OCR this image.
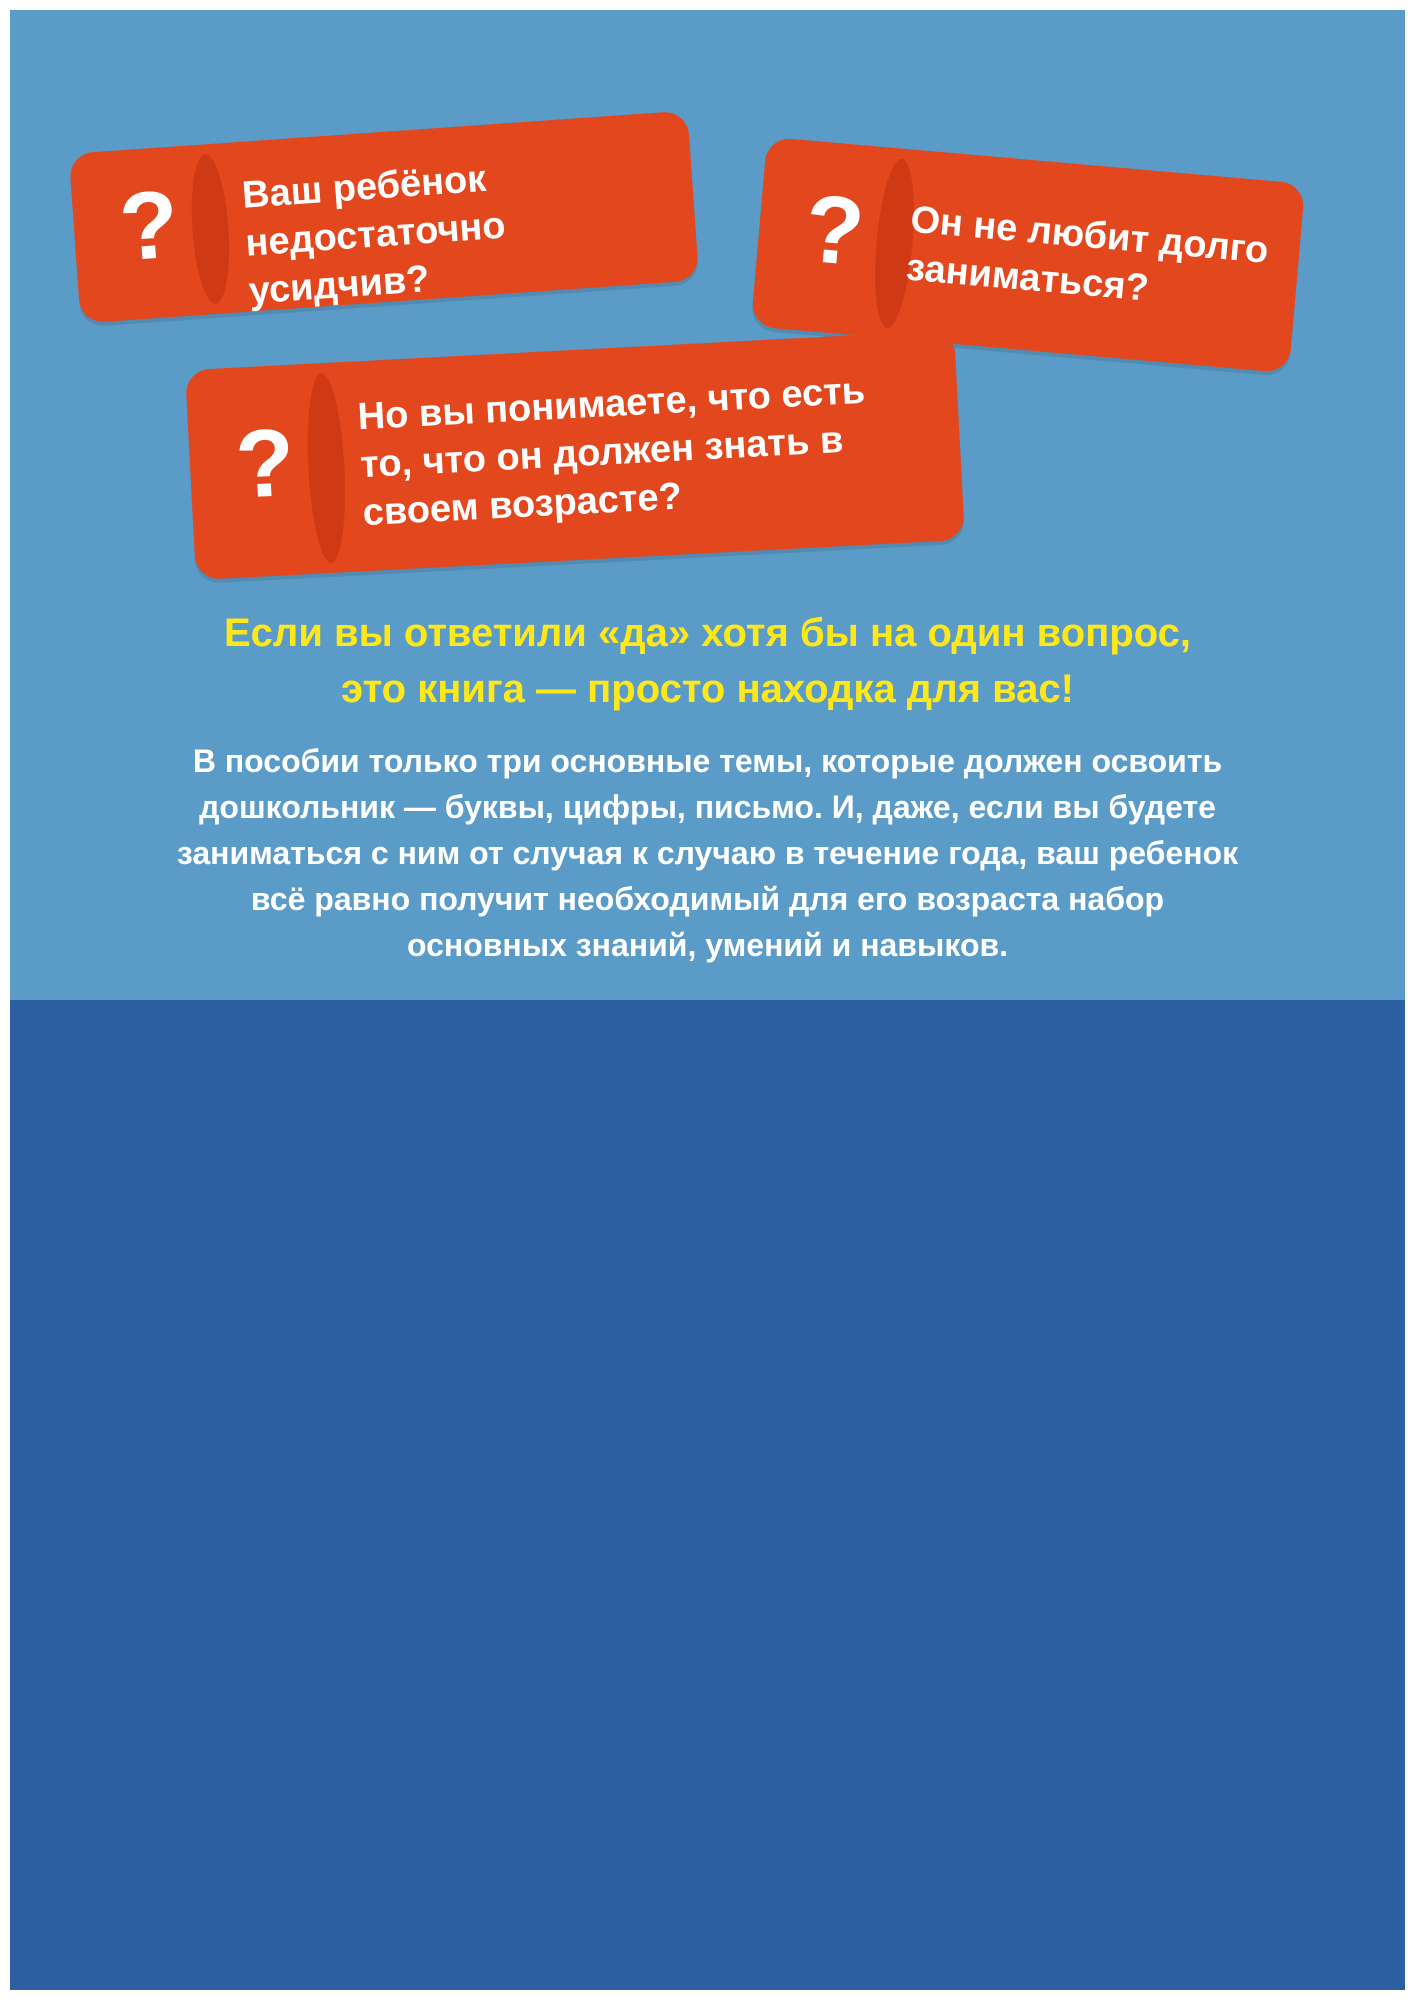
?	Ваш ребёнок недостаточно усидчив?	?	Он не любит долго заниматься?
?
Но вы понимаете, что есть то, что он должен знать в своем возрасте?
Если вы ответили «да» хотя бы на один вопрос,
это книга — просто находка для вас!
В пособии только три основные темы, которые должен освоить
дошкольник — буквы, цифры, письмо. И, даже, если вы будете
заниматься с ним от случая к случаю в течение года, ваш ребенок
всё равно получит необходимый для его возраста набор
основных знаний, умений и навыков.
